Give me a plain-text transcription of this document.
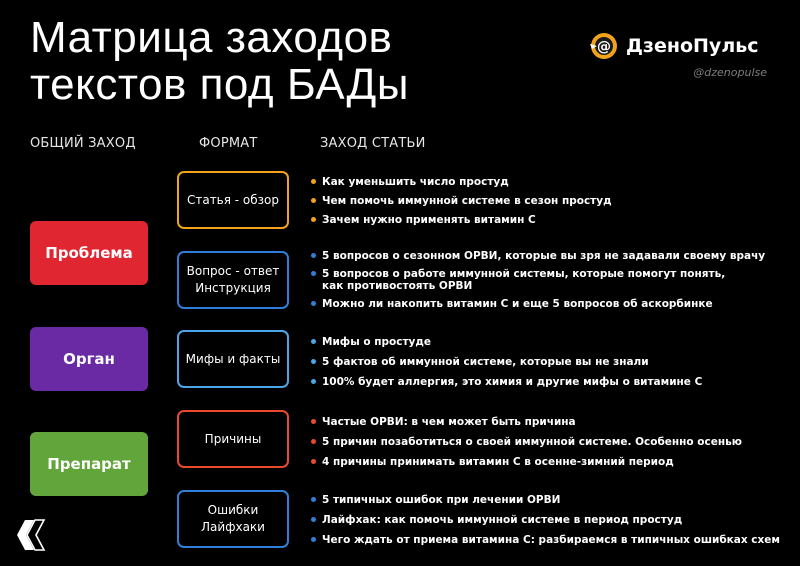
Матрица заходов
текстов под БАДы
@ ДзеноПульс
@dzenopulse
ОБЩИЙ ЗАХОД	ФОРМАТ	ЗАХОД СТАТЬИ
Проблема
Орган
Препарат
Статья - обзор
Вопрос - ответ
Инструкция
Мифы и факты
Причины
Ошибки
Лайфхаки
Как уменьшить число простуд
Чем помочь иммунной системе в сезон простуд
Зачем нужно применять витамин С
5 вопросов о сезонном ОРВИ, которые вы зря не задавали своему врачу
5 вопросов о работе иммунной системы, которые помогут понять,
как противостоять ОРВИ
Можно ли накопить витамин С и еще 5 вопросов об аскорбинке
Мифы о простуде
5 фактов об иммунной системе, которые вы не знали
100% будет аллергия, это химия и другие мифы о витамине С
Частые ОРВИ: в чем может быть причина
5 причин позаботиться о своей иммунной системе. Особенно осенью
4 причины принимать витамин С в осенне-зимний период
5 типичных ошибок при лечении ОРВИ
Лайфхак: как помочь иммунной системе в период простуд
Чего ждать от приема витамина С: разбираемся в типичных ошибках схем
